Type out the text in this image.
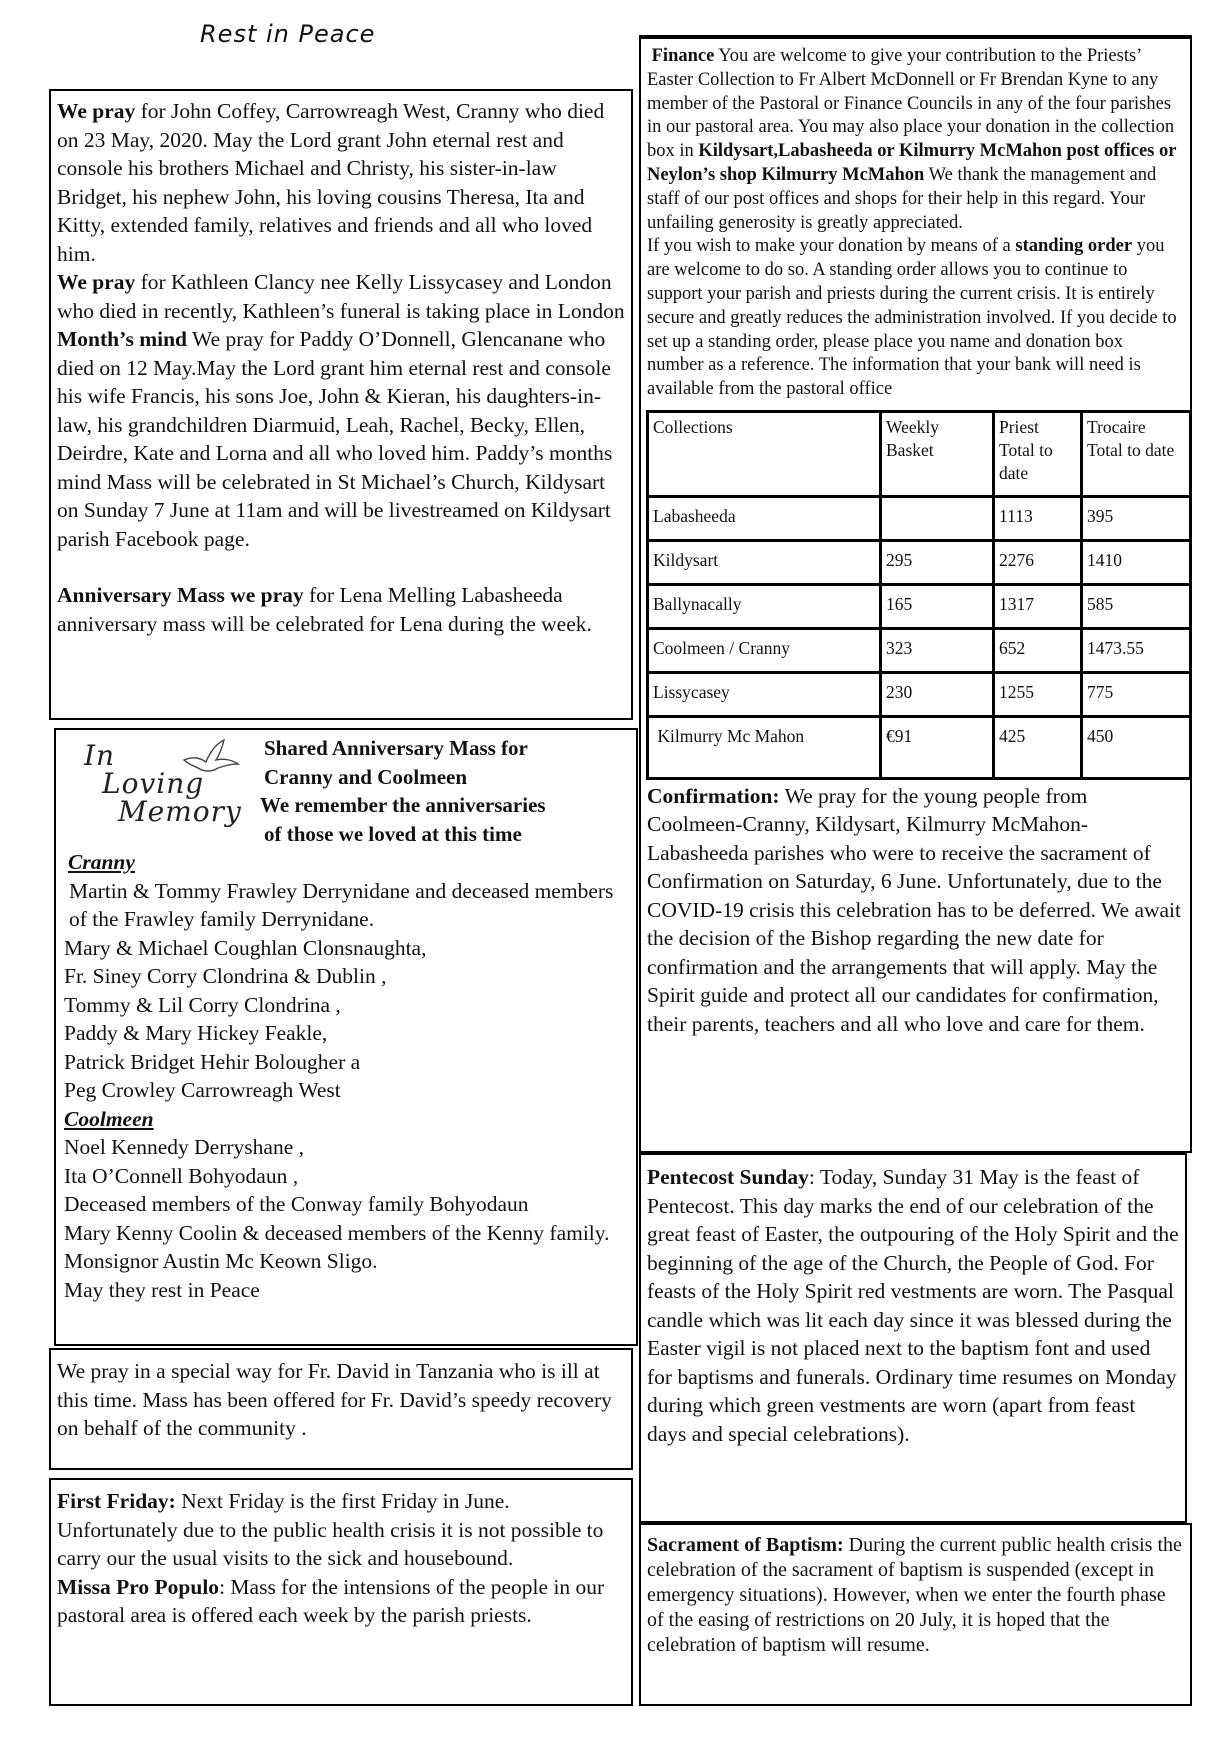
Rest in Peace

We pray for John Coffey, Carrowreagh West, Cranny who died on 23 May, 2020. May the Lord grant John eternal rest and console his brothers Michael and Christy, his sister-in-law Bridget, his nephew John, his loving cousins Theresa, Ita and Kitty, extended family, relatives and friends and all who loved him.

We pray for Kathleen Clancy nee Kelly Lissycasey and London who died in recently, Kathleen’s funeral is taking place in London

Month’s mind We pray for Paddy O’Donnell, Glencanane who died on 12 May.May the Lord grant him eternal rest and console his wife Francis, his sons Joe, John & Kieran, his daughters-in-law, his grandchildren Diarmuid, Leah, Rachel, Becky, Ellen, Deirdre, Kate and Lorna and all who loved him. Paddy’s months mind Mass will be celebrated in St Michael’s Church, Kildysart on Sunday 7 June at 11am and will be livestreamed on Kildysart parish Facebook page.

Anniversary Mass we pray for Lena Melling Labasheeda anniversary mass will be celebrated for Lena during the week.

In
Loving
Memory
Shared Anniversary Mass for
Cranny and Coolmeen
We remember the anniversaries
of those we loved at this time
Cranny
Martin & Tommy Frawley Derrynidane and deceased members of the Frawley family Derrynidane.
Mary & Michael Coughlan Clonsnaughta,
Fr. Siney Corry Clondrina & Dublin ,
Tommy & Lil Corry Clondrina ,
Paddy & Mary Hickey Feakle,
Patrick Bridget Hehir Bolougher a
Peg Crowley Carrowreagh West
Coolmeen
Noel Kennedy Derryshane ,
Ita O’Connell Bohyodaun ,
Deceased members of the Conway family Bohyodaun
Mary Kenny Coolin & deceased members of the Kenny family.
Monsignor Austin Mc Keown Sligo.
May they rest in Peace

We pray in a special way for Fr. David in Tanzania who is ill at this time. Mass has been offered for Fr. David’s speedy recovery on behalf of the community .

First Friday: Next Friday is the first Friday in June. Unfortunately due to the public health crisis it is not possible to carry our the usual visits to the sick and housebound.

Missa Pro Populo: Mass for the intensions of the people in our pastoral area is offered each week by the parish priests.

Finance You are welcome to give your contribution to the Priests’ Easter Collection to Fr Albert McDonnell or Fr Brendan Kyne to any member of the Pastoral or Finance Councils in any of the four parishes in our pastoral area. You may also place your donation in the collection box in Kildysart,Labasheeda or Kilmurry McMahon post offices or Neylon’s shop Kilmurry McMahon We thank the management and staff of our post offices and shops for their help in this regard. Your unfailing generosity is greatly appreciated.

If you wish to make your donation by means of a standing order you are welcome to do so. A standing order allows you to continue to support your parish and priests during the current crisis. It is entirely secure and greatly reduces the administration involved. If you decide to set up a standing order, please place you name and donation box number as a reference. The information that your bank will need is available from the pastoral office

Collections	Weekly Basket	Priest Total to date	Trocaire Total to date
Labasheeda		1113	395
Kildysart	295	2276	1410
Ballynacally	165	1317	585
Coolmeen / Cranny	323	652	1473.55
Lissycasey	230	1255	775
Kilmurry Mc Mahon	€91	425	450
Confirmation: We pray for the young people from Coolmeen-Cranny, Kildysart, Kilmurry McMahon-Labasheeda parishes who were to receive the sacrament of Confirmation on Saturday, 6 June. Unfortunately, due to the COVID-19 crisis this celebration has to be deferred. We await the decision of the Bishop regarding the new date for confirmation and the arrangements that will apply. May the Spirit guide and protect all our candidates for confirmation, their parents, teachers and all who love and care for them.
Pentecost Sunday: Today, Sunday 31 May is the feast of Pentecost. This day marks the end of our celebration of the great feast of Easter, the outpouring of the Holy Spirit and the beginning of the age of the Church, the People of God. For feasts of the Holy Spirit red vestments are worn. The Pasqual candle which was lit each day since it was blessed during the Easter vigil is not placed next to the baptism font and used for baptisms and funerals. Ordinary time resumes on Monday during which green vestments are worn (apart from feast days and special celebrations).
Sacrament of Baptism: During the current public health crisis the celebration of the sacrament of baptism is suspended (except in emergency situations). However, when we enter the fourth phase of the easing of restrictions on 20 July, it is hoped that the celebration of baptism will resume.
